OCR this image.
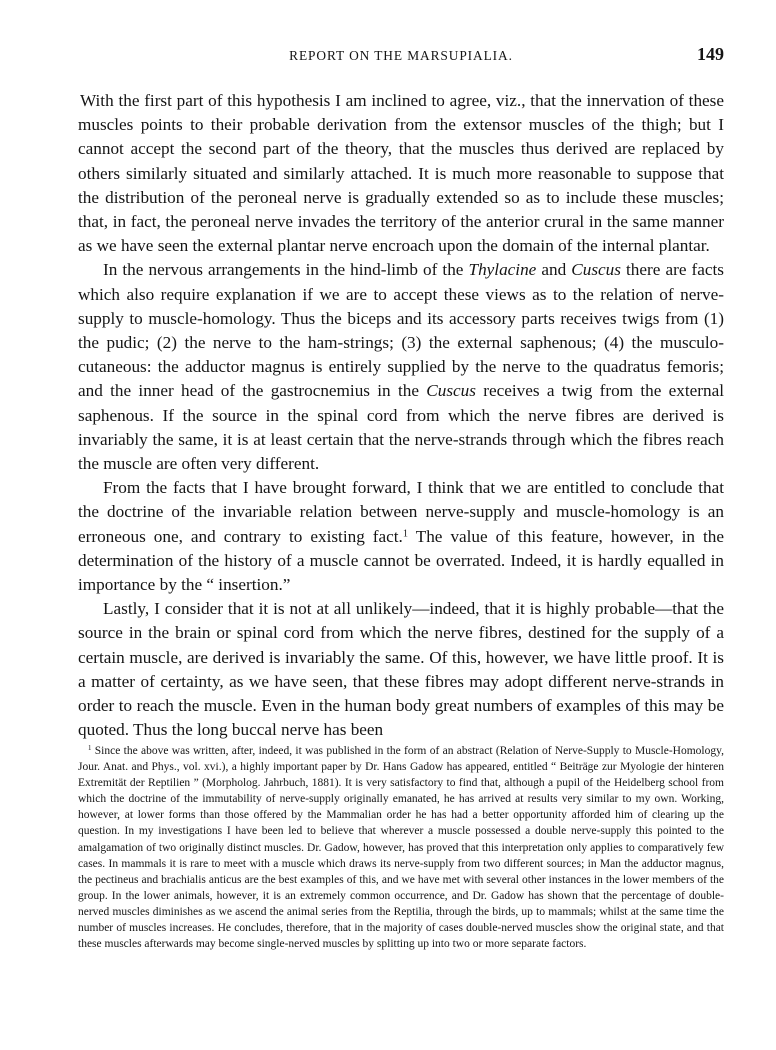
REPORT ON THE MARSUPIALIA.	149

With the first part of this hypothesis I am inclined to agree, viz., that the innervation of these muscles points to their probable derivation from the extensor muscles of the thigh; but I cannot accept the second part of the theory, that the muscles thus derived are replaced by others similarly situated and similarly attached. It is much more reasonable to suppose that the distribution of the peroneal nerve is gradually extended so as to include these muscles; that, in fact, the peroneal nerve invades the territory of the anterior crural in the same manner as we have seen the external plantar nerve encroach upon the domain of the internal plantar.

In the nervous arrangements in the hind-limb of the Thylacine and Cuscus there are facts which also require explanation if we are to accept these views as to the relation of nerve-supply to muscle-homology. Thus the biceps and its accessory parts receives twigs from (1) the pudic; (2) the nerve to the ham-strings; (3) the external saphenous; (4) the musculo-cutaneous: the adductor magnus is entirely supplied by the nerve to the quadratus femoris; and the inner head of the gastrocnemius in the Cuscus receives a twig from the external saphenous. If the source in the spinal cord from which the nerve fibres are derived is invariably the same, it is at least certain that the nerve-strands through which the fibres reach the muscle are often very different.

From the facts that I have brought forward, I think that we are entitled to conclude that the doctrine of the invariable relation between nerve-supply and muscle-homology is an erroneous one, and contrary to existing fact.$^1$ The value of this feature, however, in the determination of the history of a muscle cannot be overrated. Indeed, it is hardly equalled in importance by the “ insertion.”

Lastly, I consider that it is not at all unlikely—indeed, that it is highly probable—that the source in the brain or spinal cord from which the nerve fibres, destined for the supply of a certain muscle, are derived is invariably the same. Of this, however, we have little proof. It is a matter of certainty, as we have seen, that these fibres may adopt different nerve-strands in order to reach the muscle. Even in the human body great numbers of examples of this may be quoted. Thus the long buccal nerve has been

$^1$ Since the above was written, after, indeed, it was published in the form of an abstract (Relation of Nerve-Supply to Muscle-Homology, Jour. Anat. and Phys., vol. xvi.), a highly important paper by Dr. Hans Gadow has appeared, entitled “ Beiträge zur Myologie der hinteren Extremität der Reptilien ” (Morpholog. Jahrbuch, 1881). It is very satisfactory to find that, although a pupil of the Heidelberg school from which the doctrine of the immutability of nerve-supply originally emanated, he has arrived at results very similar to my own. Working, however, at lower forms than those offered by the Mammalian order he has had a better opportunity afforded him of clearing up the question. In my investigations I have been led to believe that wherever a muscle possessed a double nerve-supply this pointed to the amalgamation of two originally distinct muscles. Dr. Gadow, however, has proved that this interpretation only applies to comparatively few cases. In mammals it is rare to meet with a muscle which draws its nerve-supply from two different sources; in Man the adductor magnus, the pectineus and brachialis anticus are the best examples of this, and we have met with several other instances in the lower members of the group. In the lower animals, however, it is an extremely common occurrence, and Dr. Gadow has shown that the percentage of double-nerved muscles diminishes as we ascend the animal series from the Reptilia, through the birds, up to mammals; whilst at the same time the number of muscles increases. He concludes, therefore, that in the majority of cases double-nerved muscles show the original state, and that these muscles afterwards may become single-nerved muscles by splitting up into two or more separate factors.
